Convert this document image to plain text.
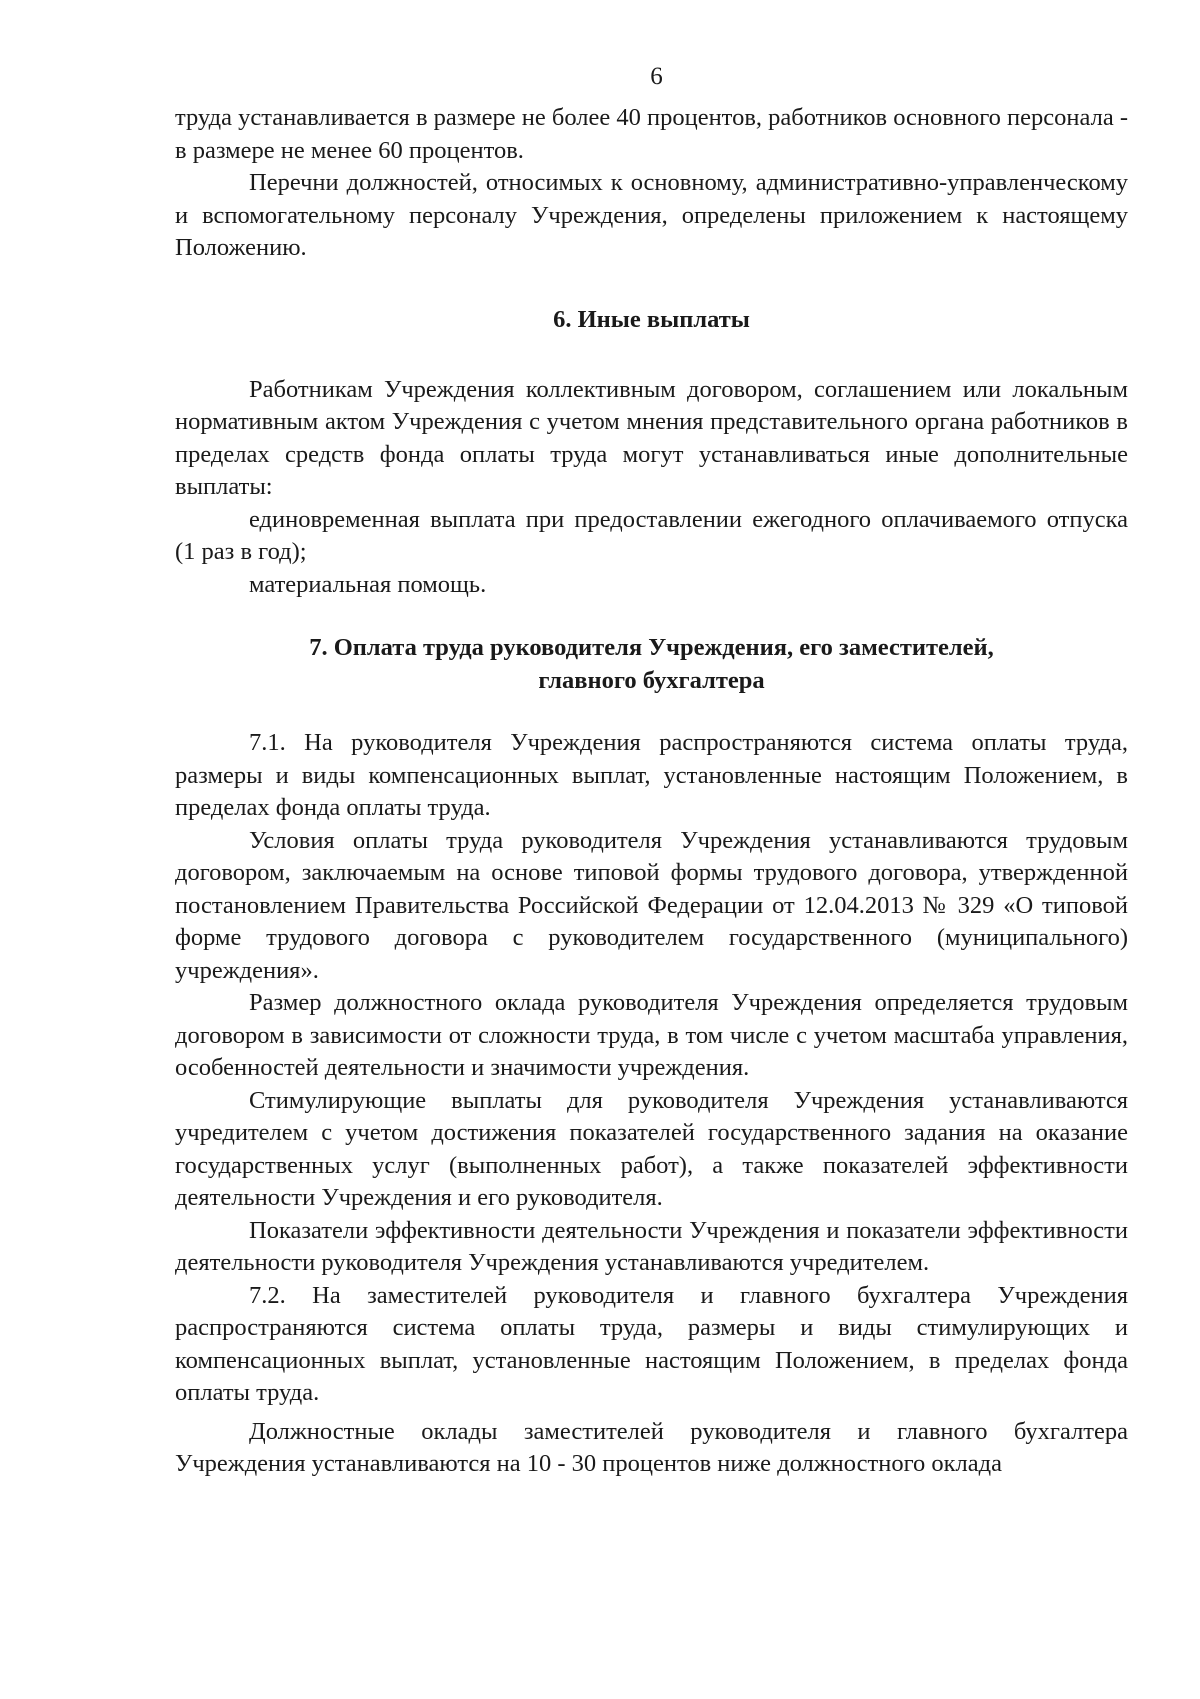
6

труда устанавливается в размере не более 40 процентов, работников основного персонала - в размере не менее 60 процентов.

Перечни должностей, относимых к основному, административно-управленческому и вспомогательному персоналу Учреждения, определены приложением к настоящему Положению.

6. Иные выплаты

Работникам Учреждения коллективным договором, соглашением или локальным нормативным актом Учреждения с учетом мнения представительного органа работников в пределах средств фонда оплаты труда могут устанавливаться иные дополнительные выплаты:

единовременная выплата при предоставлении ежегодного оплачиваемого отпуска (1 раз в год);

материальная помощь.

7. Оплата труда руководителя Учреждения, его заместителей,
главного бухгалтера

7.1. На руководителя Учреждения распространяются система оплаты труда, размеры и виды компенсационных выплат, установленные настоящим Положением, в пределах фонда оплаты труда.

Условия оплаты труда руководителя Учреждения устанавливаются трудовым договором, заключаемым на основе типовой формы трудового договора, утвержденной постановлением Правительства Российской Федерации от 12.04.2013 № 329 «О типовой форме трудового договора с руководителем государственного (муниципального) учреждения».

Размер должностного оклада руководителя Учреждения определяется трудовым договором в зависимости от сложности труда, в том числе с учетом масштаба управления, особенностей деятельности и значимости учреждения.

Стимулирующие выплаты для руководителя Учреждения устанавливаются учредителем с учетом достижения показателей государственного задания на оказание государственных услуг (выполненных работ), а также показателей эффективности деятельности Учреждения и его руководителя.

Показатели эффективности деятельности Учреждения и показатели эффективности деятельности руководителя Учреждения устанавливаются учредителем.

7.2. На заместителей руководителя и главного бухгалтера Учреждения распространяются система оплаты труда, размеры и виды стимулирующих и компенсационных выплат, установленные настоящим Положением, в пределах фонда оплаты труда.

Должностные оклады заместителей руководителя и главного бухгалтера Учреждения устанавливаются на 10 - 30 процентов ниже должностного оклада
